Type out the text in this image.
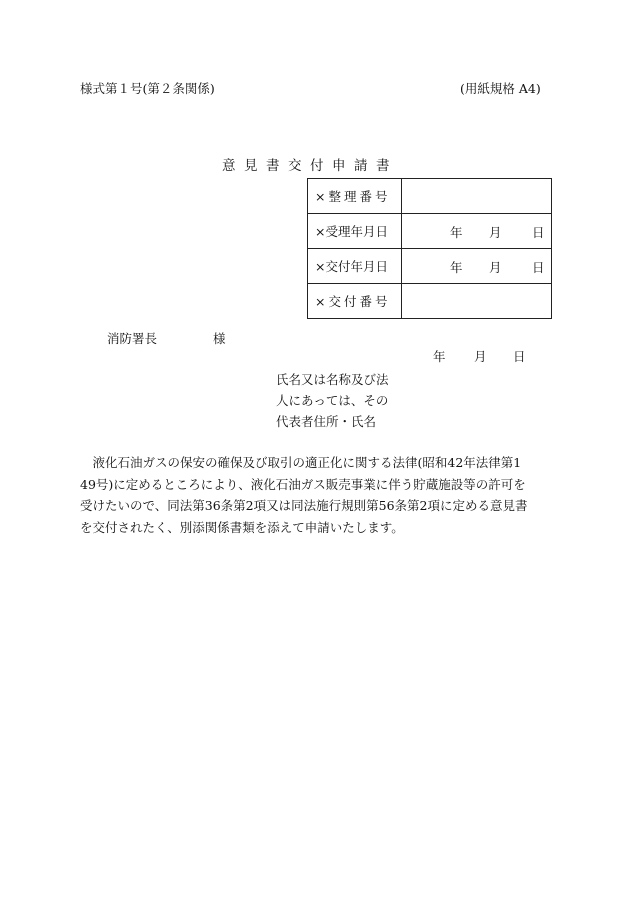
様式第１号(第２条関係)	(用紙規格 A4)
意見書交付申請書
×整理番号	
×受理年月日	年 月 日

×交付年月日	年 月 日

×交付番号	
消防署長	様
年 月 日
氏名又は名称及び法
人にあっては、その
代表者住所・氏名
　液化石油ガスの保安の確保及び取引の適正化に関する法律(昭和42年法律第1
49号)に定めるところにより、液化石油ガス販売事業に伴う貯蔵施設等の許可を
受けたいので、同法第36条第2項又は同法施行規則第56条第2項に定める意見書
を交付されたく、別添関係書類を添えて申請いたします。
